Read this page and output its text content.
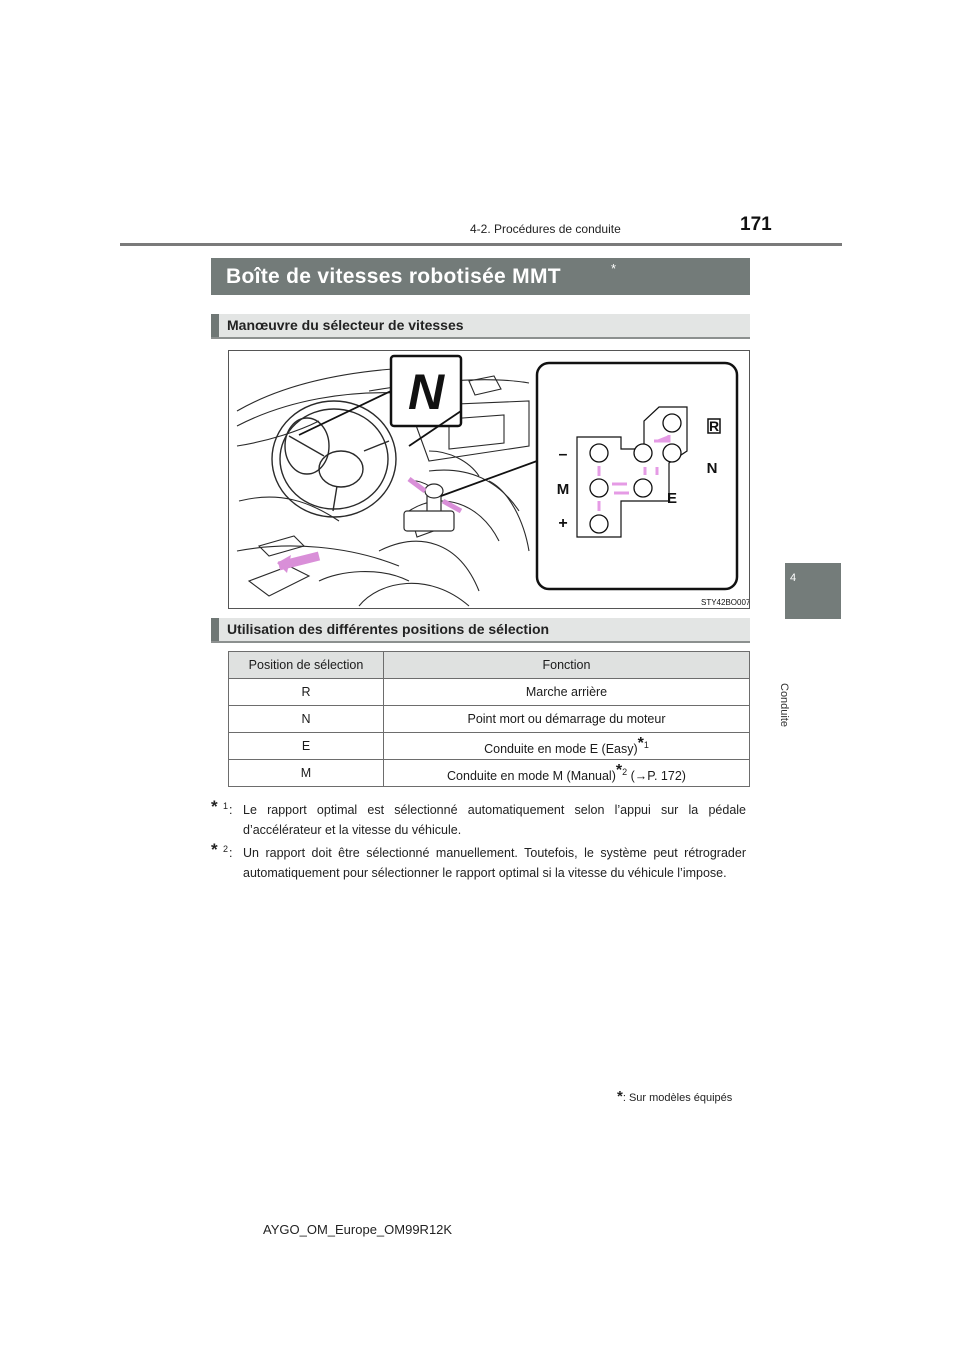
4-2. Procédures de conduite	171
4
Conduite
Boîte de vitesses robotisée MMT	*
Manœuvre du sélecteur de vitesses
N
R
N
E
M
–
+
STY42BO007
Utilisation des différentes positions de sélection
Position de sélection	Fonction
R	Marche arrière
N	Point mort ou démarrage du moteur
E	Conduite en mode E (Easy)$^{*1}$
M	Conduite en mode M (Manual)$^{*2}$ (→P. 172)
* 1 : Le rapport optimal est sélectionné automatiquement selon l’appui sur la pédale d’accélérateur et la vitesse du véhicule.
* 2 : Un rapport doit être sélectionné manuellement. Toutefois, le système peut rétrograder automatiquement pour sélectionner le rapport optimal si la vitesse du véhicule l’impose.
*: Sur modèles équipés
AYGO_OM_Europe_OM99R12K
